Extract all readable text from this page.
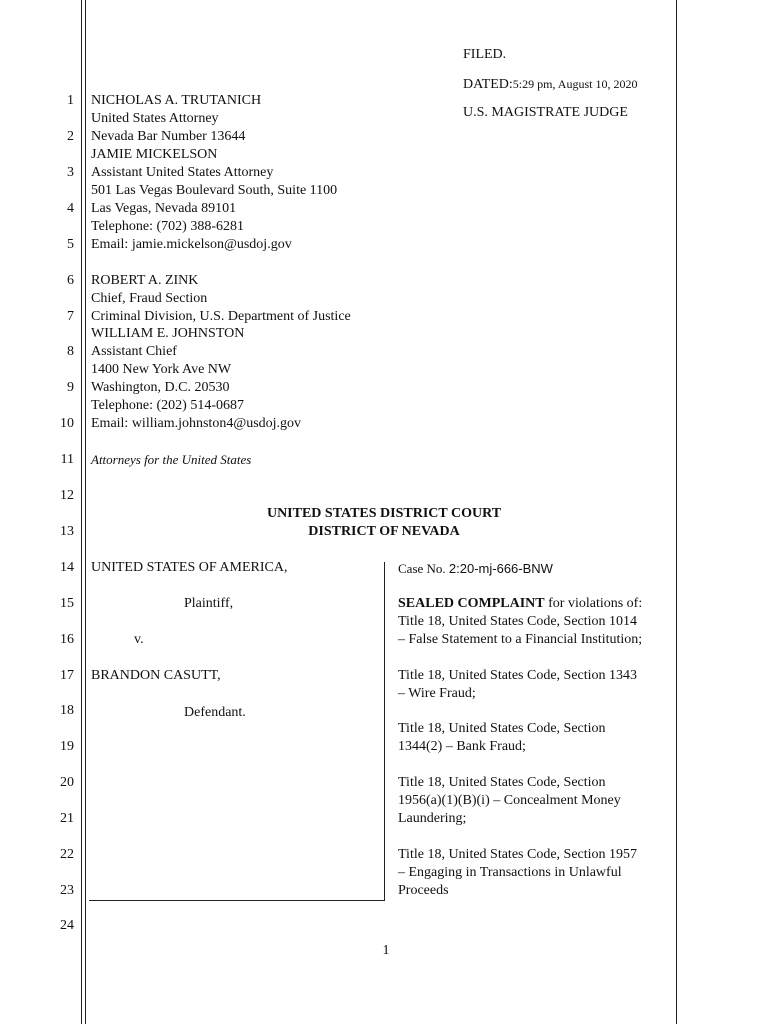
FILED.
DATED:5:29 pm, August 10, 2020
U.S. MAGISTRATE JUDGE
1
2
3
4
5
6
7
8
9
10
11
12
13
14
15
16
17
18
19
20
21
22
23
24
NICHOLAS A. TRUTANICH
United States Attorney
Nevada Bar Number 13644
JAMIE MICKELSON
Assistant United States Attorney
501 Las Vegas Boulevard South, Suite 1100
Las Vegas, Nevada 89101
Telephone: (702) 388-6281
Email: jamie.mickelson@usdoj.gov
ROBERT A. ZINK
Chief, Fraud Section
Criminal Division, U.S. Department of Justice
WILLIAM E. JOHNSTON
Assistant Chief
1400 New York Ave NW
Washington, D.C. 20530
Telephone: (202) 514-0687
Email: william.johnston4@usdoj.gov
Attorneys for the United States
UNITED STATES DISTRICT COURT
DISTRICT OF NEVADA
UNITED STATES OF AMERICA,
Plaintiff,
v.
BRANDON CASUTT,
Defendant.
Case No. 2:20-mj-666-BNW
SEALED COMPLAINT for violations of:
Title 18, United States Code, Section 1014
– False Statement to a Financial Institution;
Title 18, United States Code, Section 1343
– Wire Fraud;
Title 18, United States Code, Section
1344(2) – Bank Fraud;
Title 18, United States Code, Section
1956(a)(1)(B)(i) – Concealment Money
Laundering;
Title 18, United States Code, Section 1957
– Engaging in Transactions in Unlawful
Proceeds
1
